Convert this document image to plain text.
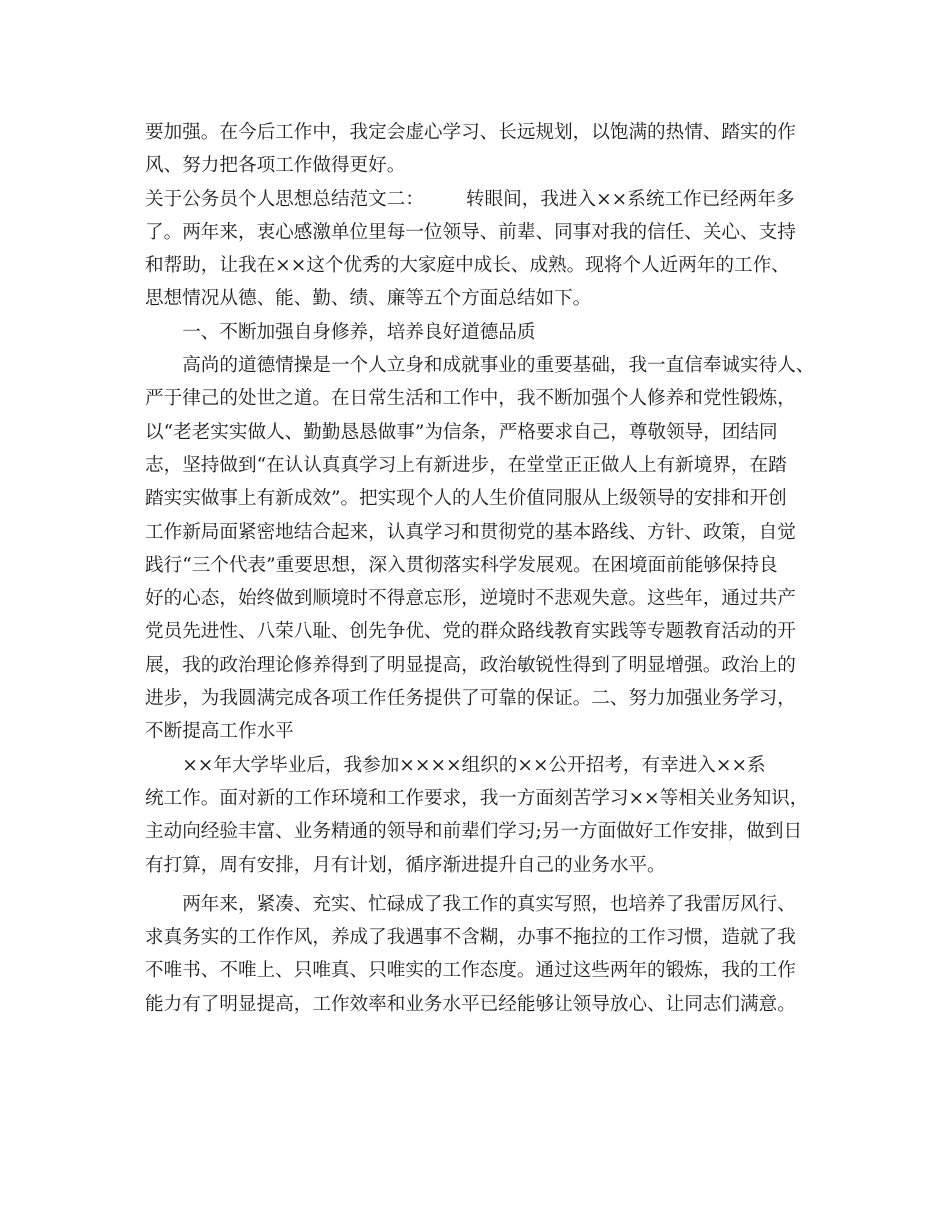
要加强。在今后工作中，我定会虚心学习、长远规划，以饱满的热情、踏实的作
风、努力把各项工作做得更好。
关于公务员个人思想总结范文二： 转眼间，我进入××系统工作已经两年多
了。两年来，衷心感激单位里每一位领导、前辈、同事对我的信任、关心、支持
和帮助，让我在××这个优秀的大家庭中成长、成熟。现将个人近两年的工作、
思想情况从德、能、勤、绩、廉等五个方面总结如下。
　　一、不断加强自身修养，培养良好道德品质
　　高尚的道德情操是一个人立身和成就事业的重要基础，我一直信奉诚实待人、
严于律己的处世之道。在日常生活和工作中，我不断加强个人修养和党性锻炼，
以“老老实实做人、勤勤恳恳做事”为信条，严格要求自己，尊敬领导，团结同
志，坚持做到“在认认真真学习上有新进步，在堂堂正正做人上有新境界，在踏
踏实实做事上有新成效”。把实现个人的人生价值同服从上级领导的安排和开创
工作新局面紧密地结合起来，认真学习和贯彻党的基本路线、方针、政策，自觉
践行“三个代表”重要思想，深入贯彻落实科学发展观。在困境面前能够保持良
好的心态，始终做到顺境时不得意忘形，逆境时不悲观失意。这些年，通过共产
党员先进性、八荣八耻、创先争优、党的群众路线教育实践等专题教育活动的开
展，我的政治理论修养得到了明显提高，政治敏锐性得到了明显增强。政治上的
进步，为我圆满完成各项工作任务提供了可靠的保证。二、努力加强业务学习，
不断提高工作水平
　　××年大学毕业后，我参加××××组织的××公开招考，有幸进入××系
统工作。面对新的工作环境和工作要求，我一方面刻苦学习××等相关业务知识，
主动向经验丰富、业务精通的领导和前辈们学习;另一方面做好工作安排，做到日
有打算，周有安排，月有计划，循序渐进提升自己的业务水平。
　　两年来，紧凑、充实、忙碌成了我工作的真实写照，也培养了我雷厉风行、
求真务实的工作作风，养成了我遇事不含糊，办事不拖拉的工作习惯，造就了我
不唯书、不唯上、只唯真、只唯实的工作态度。通过这些两年的锻炼，我的工作
能力有了明显提高，工作效率和业务水平已经能够让领导放心、让同志们满意。
